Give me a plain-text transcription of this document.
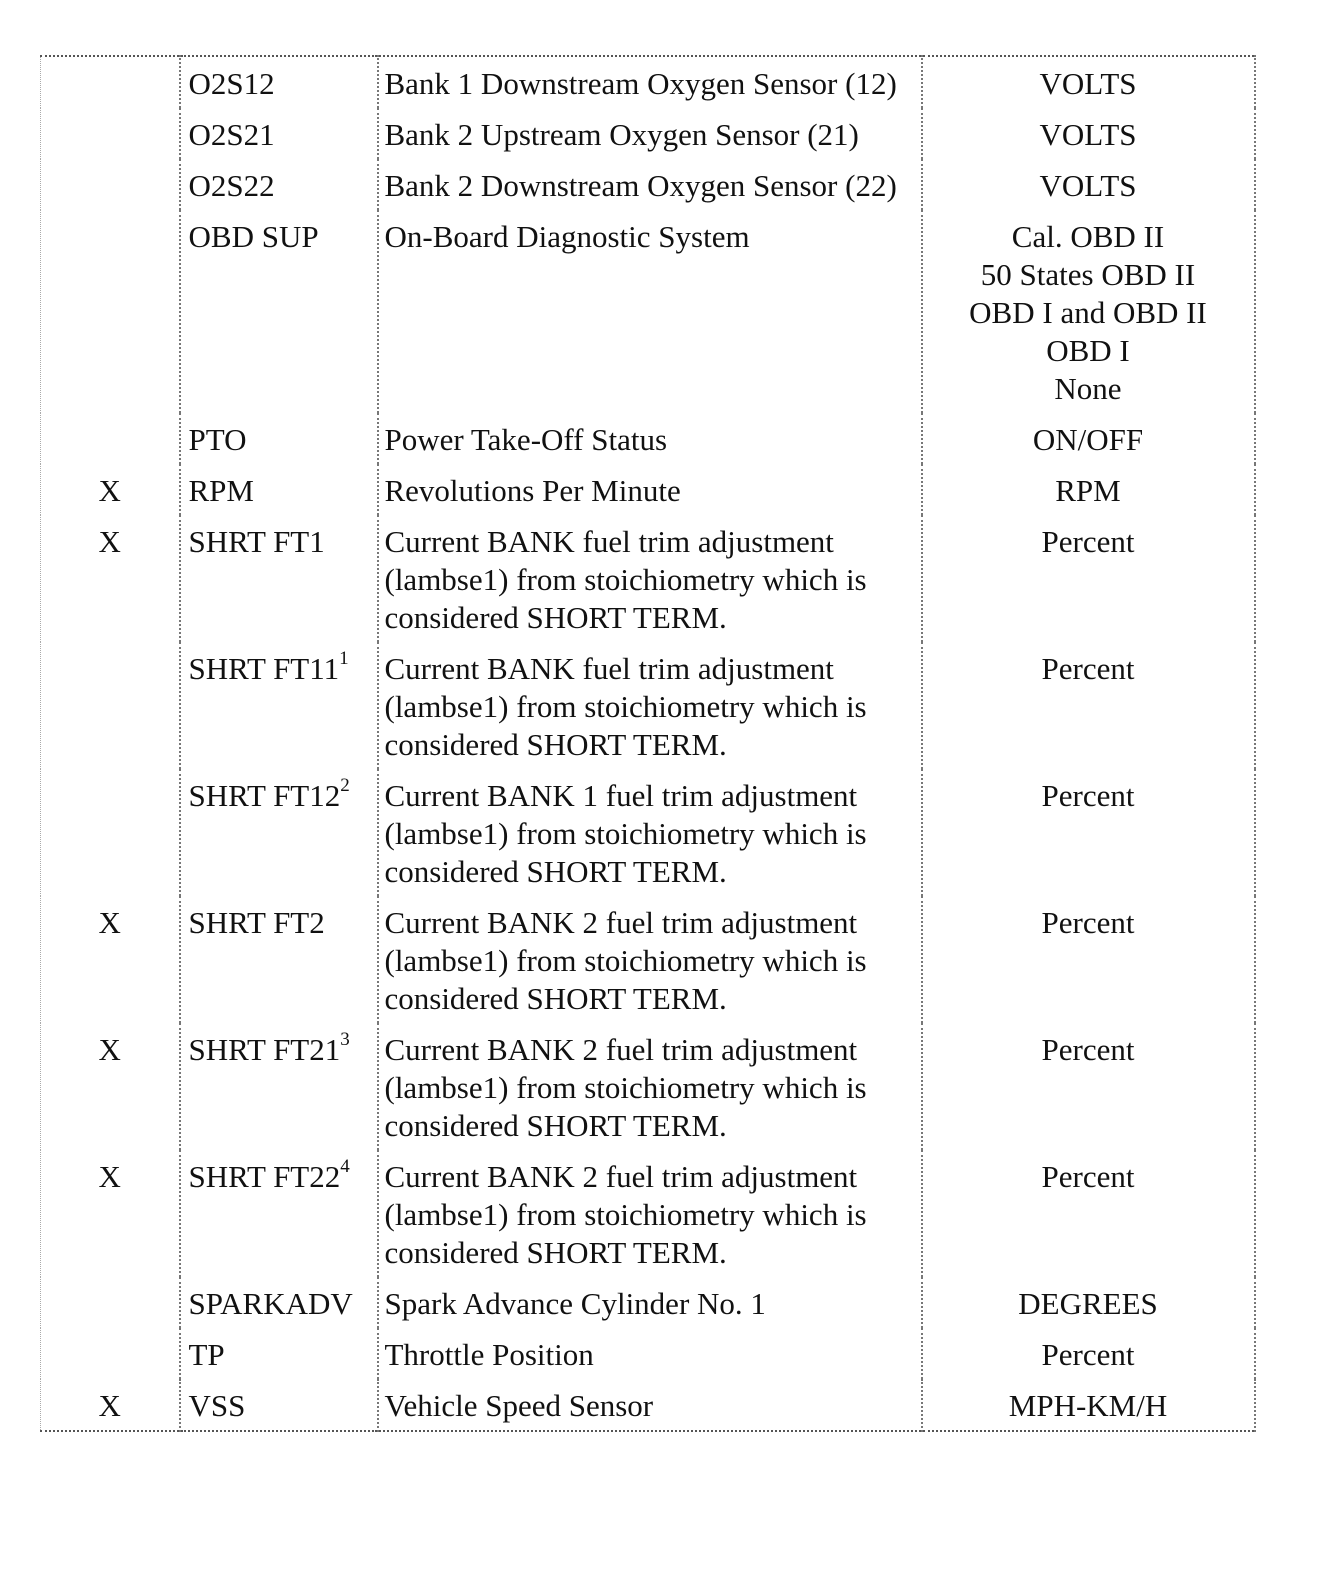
	O2S12	Bank 1 Downstream Oxygen Sensor (12)	VOLTS

	O2S21	Bank 2 Upstream Oxygen Sensor (21)	VOLTS

	O2S22	Bank 2 Downstream Oxygen Sensor (22)	VOLTS

	OBD SUP	On-Board Diagnostic System	Cal. OBD II
50 States OBD II
OBD I and OBD II
OBD I
None

	PTO	Power Take-Off Status	ON/OFF

X	RPM	Revolutions Per Minute	RPM

X	SHRT FT1	Current BANK fuel trim adjustment (lambse1) from stoichiometry which is considered SHORT TERM.	Percent

	SHRT $FT11^1$	Current BANK fuel trim adjustment (lambse1) from stoichiometry which is considered SHORT TERM.	Percent

	SHRT $FT12^2$	Current BANK 1 fuel trim adjustment (lambse1) from stoichiometry which is considered SHORT TERM.	Percent

X	SHRT FT2	Current BANK 2 fuel trim adjustment (lambse1) from stoichiometry which is considered SHORT TERM.	Percent

X	SHRT $FT21^3$	Current BANK 2 fuel trim adjustment (lambse1) from stoichiometry which is considered SHORT TERM.	Percent

X	SHRT $FT22^4$	Current BANK 2 fuel trim adjustment (lambse1) from stoichiometry which is considered SHORT TERM.	Percent

	SPARKADV	Spark Advance Cylinder No. 1	DEGREES

	TP	Throttle Position	Percent

X	VSS	Vehicle Speed Sensor	MPH-KM/H
